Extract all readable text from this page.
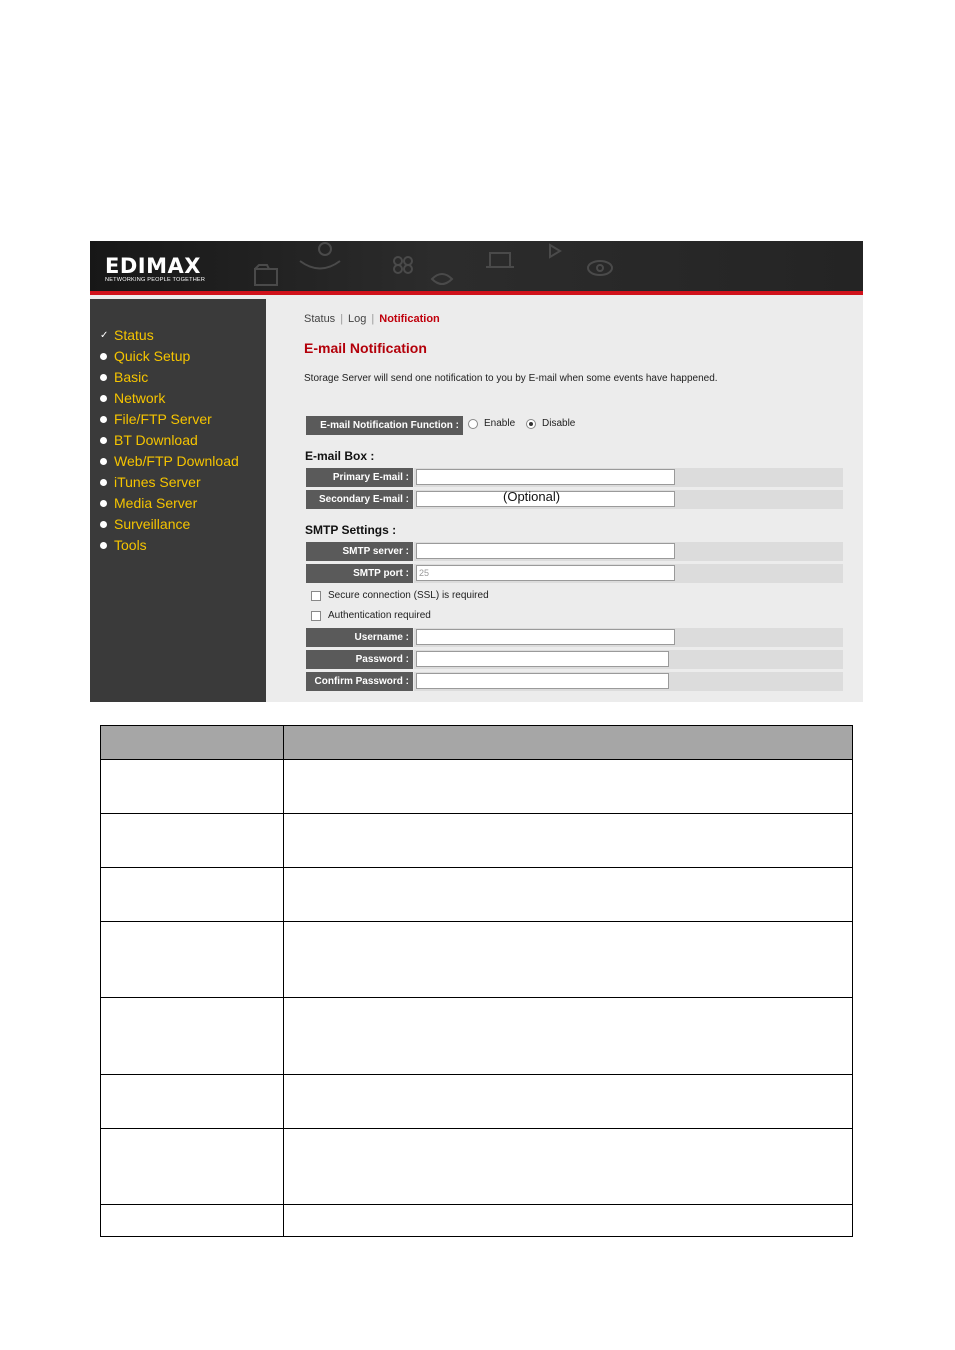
EDIMAX
NETWORKING PEOPLE TOGETHER
✓ Status
Quick Setup
Basic
Network
File/FTP Server
BT Download
Web/FTP Download
iTunes Server
Media Server
Surveillance
Tools
Status | Log | Notification
E-mail Notification
Storage Server will send one notification to you by E-mail when some events have happened.
E-mail Notification Function :	Enable	Disable
E-mail Box :
Primary E-mail :
Secondary E-mail :	(Optional)
SMTP Settings :
SMTP server :
SMTP port :	25
Secure connection (SSL) is required
Authentication required
Username :
Password :
Confirm Password :
